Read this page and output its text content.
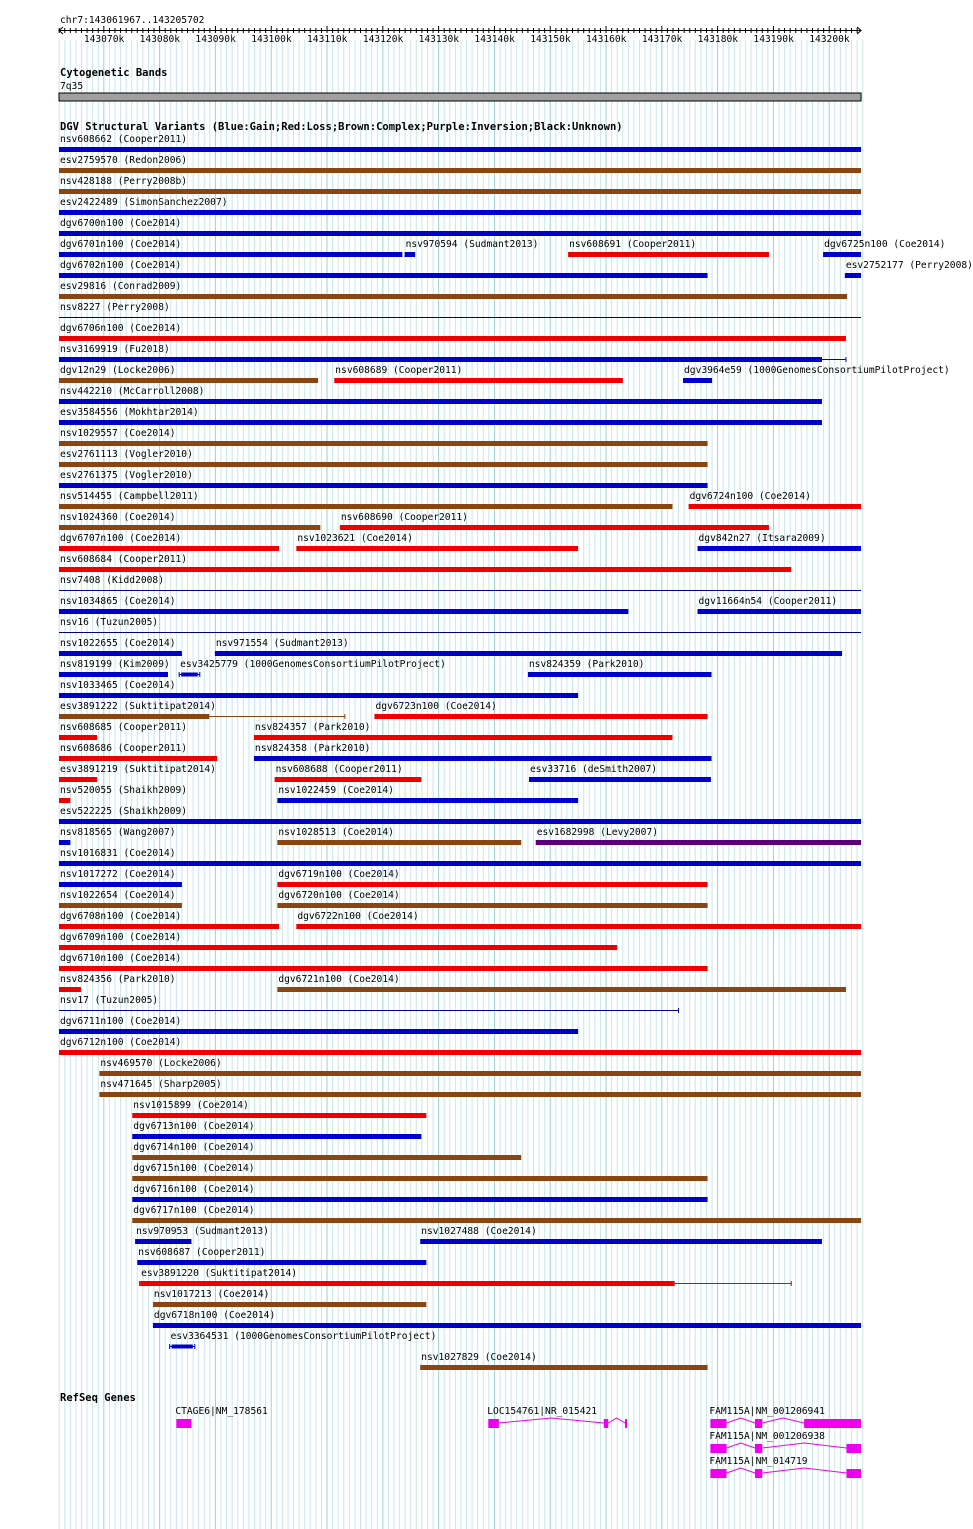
chr7:143061967..143205702
143070k 143080k 143090k 143100k 143110k 143120k 143130k 143140k 143150k 143160k 143170k 143180k 143190k 143200k
Cytogenetic Bands
7q35
DGV Structural Variants (Blue:Gain;Red:Loss;Brown:Complex;Purple:Inversion;Black:Unknown)
nsv608662 (Cooper2011)
esv2759570 (Redon2006)
nsv428188 (Perry2008b)
esv2422489 (SimonSanchez2007)
dgv6700n100 (Coe2014)
dgv6701n100 (Coe2014)	nsv970594 (Sudmant2013)	nsv608691 (Cooper2011)	dgv6725n100 (Coe2014)
dgv6702n100 (Coe2014)	esv2752177 (Perry2008)
esv29816 (Conrad2009)
nsv8227 (Perry2008)
dgv6706n100 (Coe2014)
nsv3169919 (Fu2018)
dgv12n29 (Locke2006)	nsv608689 (Cooper2011)	dgv3964e59 (1000GenomesConsortiumPilotProject)
nsv442210 (McCarroll2008)
esv3584556 (Mokhtar2014)
nsv1029557 (Coe2014)
esv2761113 (Vogler2010)
esv2761375 (Vogler2010)
nsv514455 (Campbell2011)	dgv6724n100 (Coe2014)
nsv1024360 (Coe2014)	nsv608690 (Cooper2011)
dgv6707n100 (Coe2014)	nsv1023621 (Coe2014)	dgv842n27 (Itsara2009)
nsv608684 (Cooper2011)
nsv7408 (Kidd2008)
nsv1034865 (Coe2014)	dgv11664n54 (Cooper2011)
nsv16 (Tuzun2005)
nsv1022655 (Coe2014)	nsv971554 (Sudmant2013)
nsv819199 (Kim2009) esv3425779 (1000GenomesConsortiumPilotProject)	nsv824359 (Park2010)
nsv1033465 (Coe2014)
esv3891222 (Suktitipat2014)	dgv6723n100 (Coe2014)
nsv608685 (Cooper2011)	nsv824357 (Park2010)
nsv608686 (Cooper2011)	nsv824358 (Park2010)
esv3891219 (Suktitipat2014)	nsv608688 (Cooper2011)	esv33716 (deSmith2007)
nsv520055 (Shaikh2009)	nsv1022459 (Coe2014)
esv522225 (Shaikh2009)
nsv818565 (Wang2007)	nsv1028513 (Coe2014)	esv1682998 (Levy2007)
nsv1016831 (Coe2014)
nsv1017272 (Coe2014)	dgv6719n100 (Coe2014)
nsv1022654 (Coe2014)	dgv6720n100 (Coe2014)
dgv6708n100 (Coe2014)	dgv6722n100 (Coe2014)
dgv6709n100 (Coe2014)
dgv6710n100 (Coe2014)
nsv824356 (Park2010)	dgv6721n100 (Coe2014)
nsv17 (Tuzun2005)
dgv6711n100 (Coe2014)
dgv6712n100 (Coe2014)
nsv469570 (Locke2006)
nsv471645 (Sharp2005)
nsv1015899 (Coe2014)
dgv6713n100 (Coe2014)
dgv6714n100 (Coe2014)
dgv6715n100 (Coe2014)
dgv6716n100 (Coe2014)
dgv6717n100 (Coe2014)
nsv970953 (Sudmant2013)	nsv1027488 (Coe2014)
nsv608687 (Cooper2011)
esv3891220 (Suktitipat2014)
nsv1017213 (Coe2014)
dgv6718n100 (Coe2014)
esv3364531 (1000GenomesConsortiumPilotProject)
nsv1027829 (Coe2014)
RefSeq Genes
CTAGE6|NM_178561	LOC154761|NR_015421	FAM115A|NM_001206941
FAM115A|NM_001206938
FAM115A|NM_014719
